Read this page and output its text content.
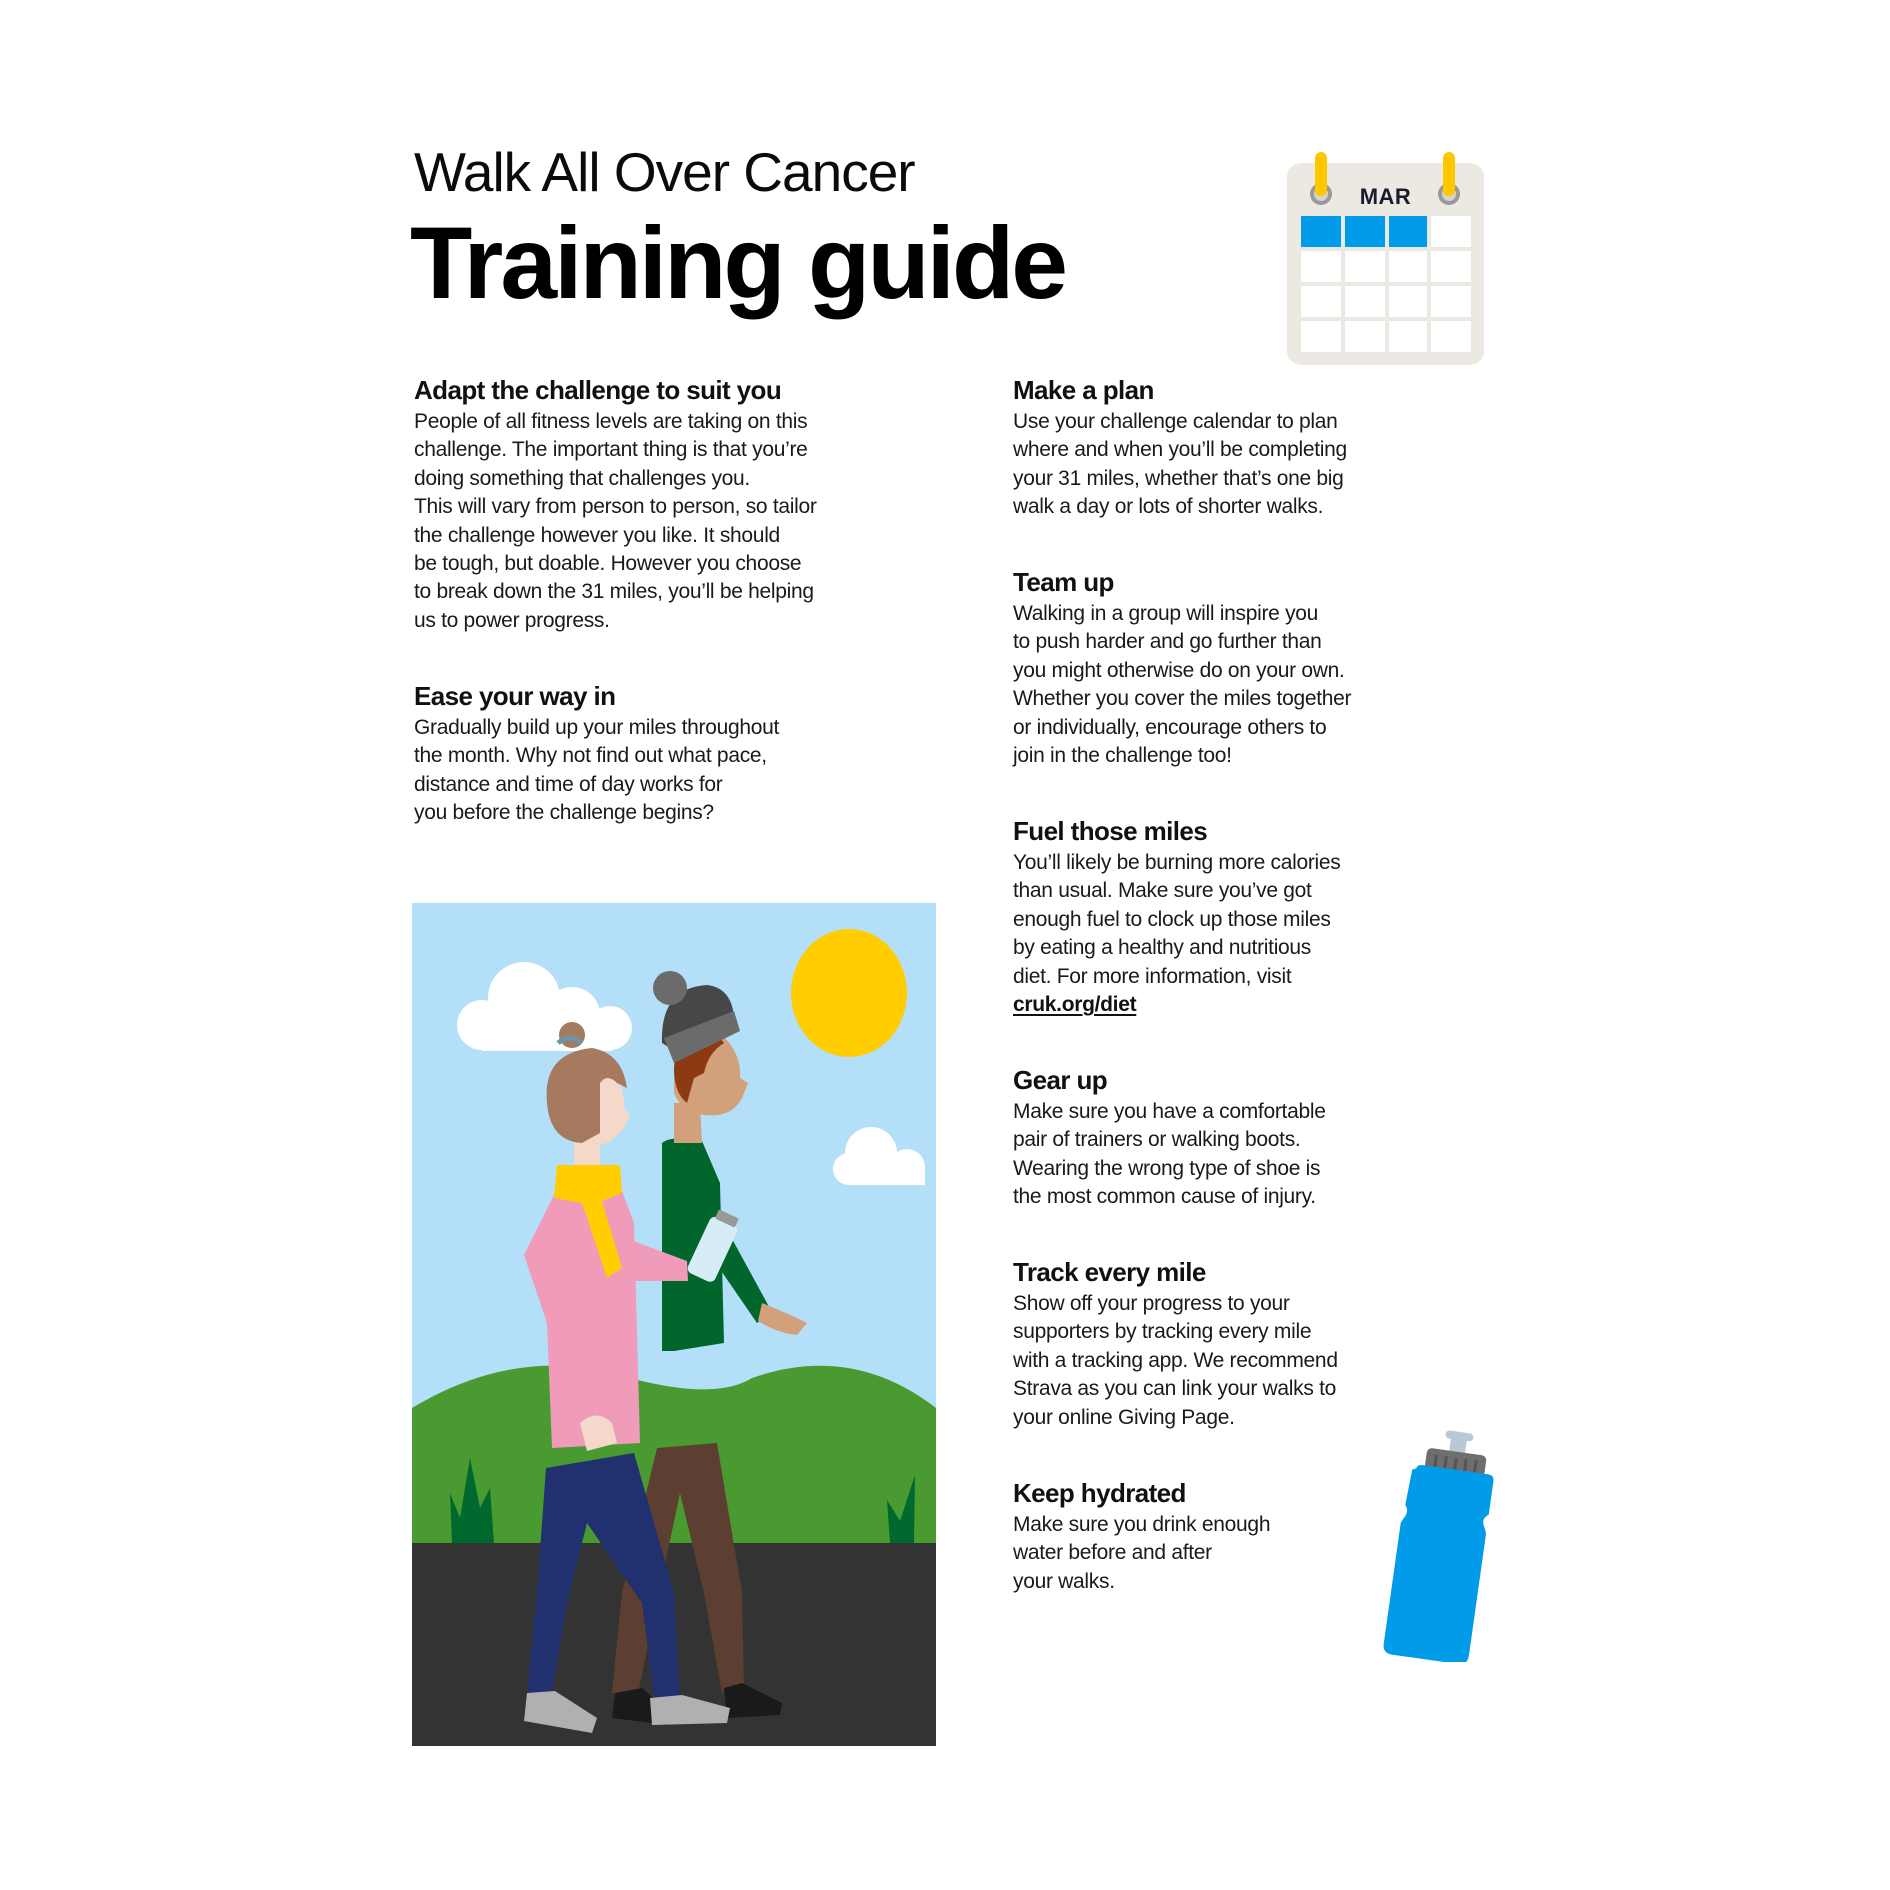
Walk All Over Cancer
Training guide
MAR
Adapt the challenge to suit you

People of all fitness levels are taking on this
challenge. The important thing is that you’re
doing something that challenges you.
This will vary from person to person, so tailor
the challenge however you like. It should
be tough, but doable. However you choose
to break down the 31 miles, you’ll be helping
us to power progress.

Ease your way in

Gradually build up your miles throughout
the month. Why not find out what pace,
distance and time of day works for
you before the challenge begins?

Make a plan

Use your challenge calendar to plan
where and when you’ll be completing
your 31 miles, whether that’s one big
walk a day or lots of shorter walks.

Team up

Walking in a group will inspire you
to push harder and go further than
you might otherwise do on your own.
Whether you cover the miles together
or individually, encourage others to
join in the challenge too!

Fuel those miles

You’ll likely be burning more calories
than usual. Make sure you’ve got
enough fuel to clock up those miles
by eating a healthy and nutritious
diet. For more information, visit
cruk.org/diet

Gear up

Make sure you have a comfortable
pair of trainers or walking boots.
Wearing the wrong type of shoe is
the most common cause of injury.

Track every mile

Show off your progress to your
supporters by tracking every mile
with a tracking app. We recommend
Strava as you can link your walks to
your online Giving Page.

Keep hydrated

Make sure you drink enough
water before and after
your walks.
